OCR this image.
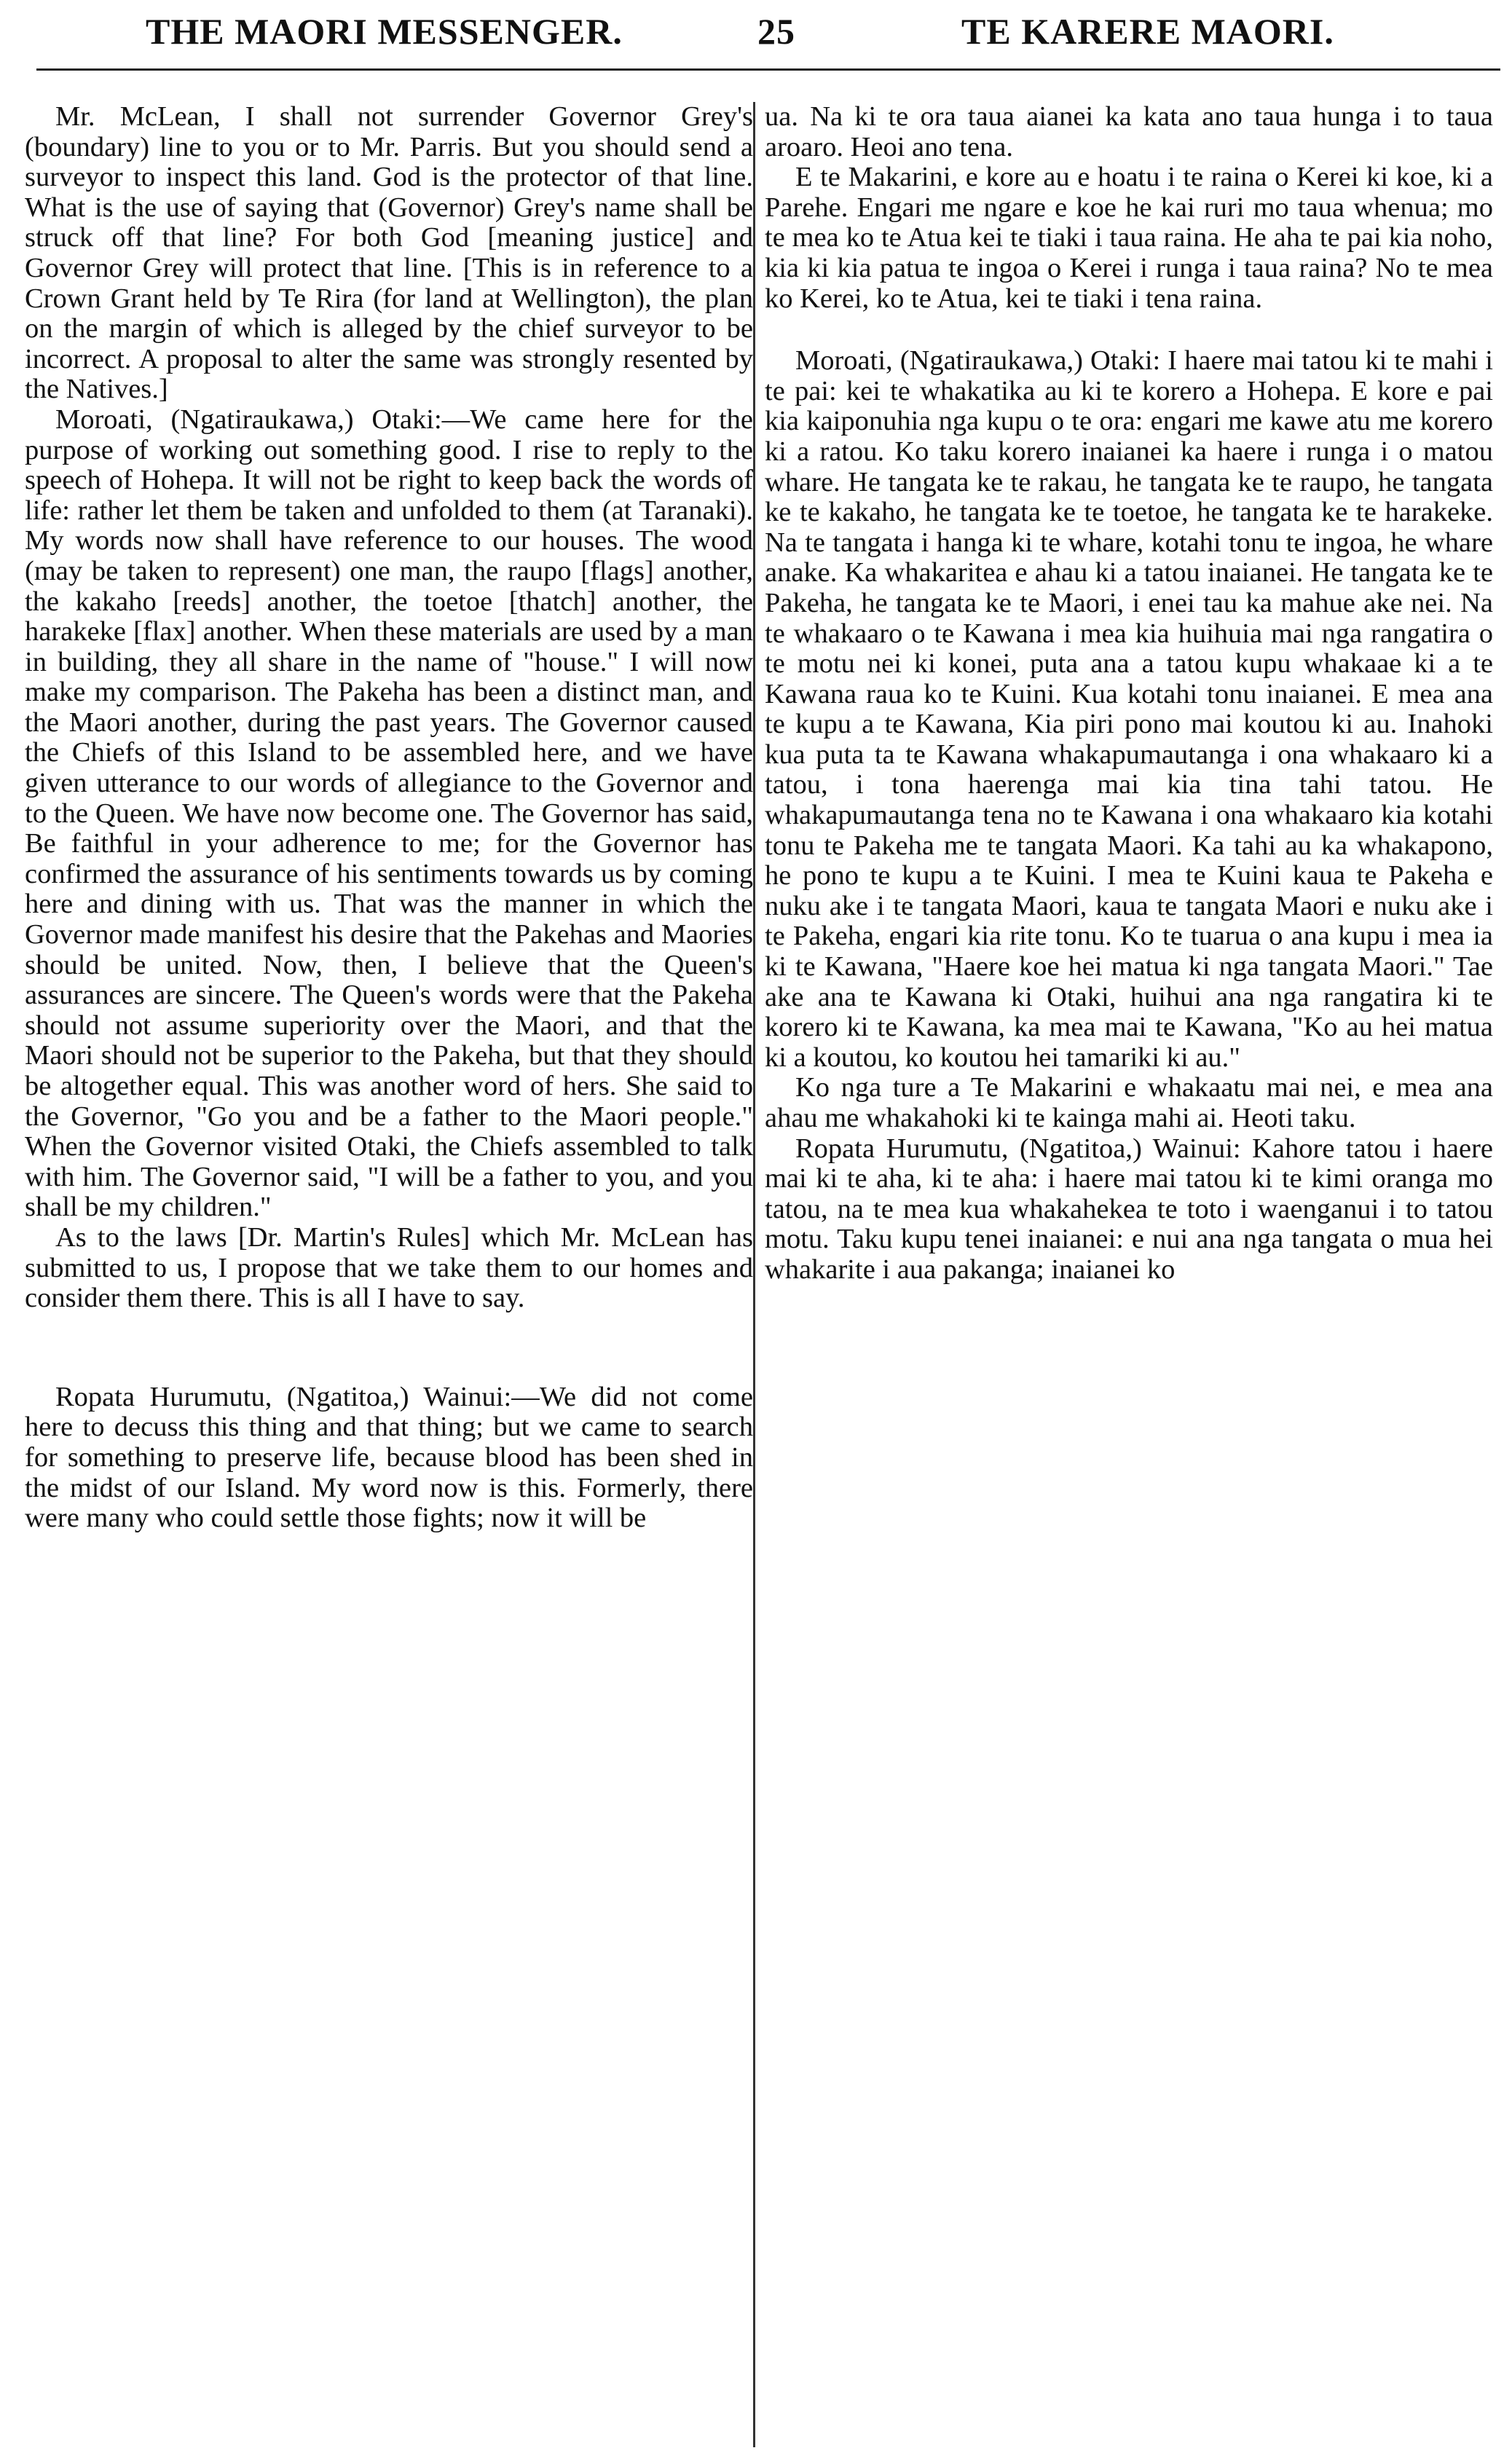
THE MAORI MESSENGER.	25	TE KARERE MAORI.

Mr. McLean, I shall not surrender Governor Grey's (boundary) line to you or to Mr. Parris. But you should send a surveyor to inspect this land. God is the protector of that line. What is the use of saying that (Governor) Grey's name shall be struck off that line? For both God [meaning justice] and Governor Grey will protect that line. [This is in reference to a Crown Grant held by Te Rira (for land at Wellington), the plan on the margin of which is alleged by the chief surveyor to be incorrect. A proposal to alter the same was strongly resented by the Natives.]

Moroati, (Ngatiraukawa,) Otaki:—We came here for the purpose of working out something good. I rise to reply to the speech of Hohepa. It will not be right to keep back the words of life: rather let them be taken and unfolded to them (at Taranaki). My words now shall have reference to our houses. The wood (may be taken to represent) one man, the raupo [flags] another, the kakaho [reeds] another, the toetoe [thatch] another, the harakeke [flax] another. When these materials are used by a man in building, they all share in the name of "house." I will now make my comparison. The Pakeha has been a distinct man, and the Maori another, during the past years. The Governor caused the Chiefs of this Island to be assembled here, and we have given utterance to our words of allegiance to the Governor and to the Queen. We have now become one. The Governor has said, Be faithful in your adherence to me; for the Governor has confirmed the assurance of his sentiments towards us by coming here and dining with us. That was the manner in which the Governor made manifest his desire that the Pakehas and Maories should be united. Now, then, I believe that the Queen's assurances are sincere. The Queen's words were that the Pakeha should not assume superiority over the Maori, and that the Maori should not be superior to the Pakeha, but that they should be altogether equal. This was another word of hers. She said to the Governor, "Go you and be a father to the Maori people." When the Governor visited Otaki, the Chiefs assembled to talk with him. The Governor said, "I will be a father to you, and you shall be my children."

As to the laws [Dr. Martin's Rules] which Mr. McLean has submitted to us, I propose that we take them to our homes and consider them there. This is all I have to say.

Ropata Hurumutu, (Ngatitoa,) Wainui:—We did not come here to decuss this thing and that thing; but we came to search for something to preserve life, because blood has been shed in the midst of our Island. My word now is this. Formerly, there were many who could settle those fights; now it will be

ua. Na ki te ora taua aianei ka kata ano taua hunga i to taua aroaro. Heoi ano tena.

E te Makarini, e kore au e hoatu i te raina o Kerei ki koe, ki a Parehe. Engari me ngare e koe he kai ruri mo taua whenua; mo te mea ko te Atua kei te tiaki i taua raina. He aha te pai kia noho, kia ki kia patua te ingoa o Kerei i runga i taua raina? No te mea ko Kerei, ko te Atua, kei te tiaki i tena raina.

Moroati, (Ngatiraukawa,) Otaki: I haere mai tatou ki te mahi i te pai: kei te whakatika au ki te korero a Hohepa. E kore e pai kia kaiponuhia nga kupu o te ora: engari me kawe atu me korero ki a ratou. Ko taku korero inaianei ka haere i runga i o matou whare. He tangata ke te rakau, he tangata ke te raupo, he tangata ke te kakaho, he tangata ke te toetoe, he tangata ke te harakeke. Na te tangata i hanga ki te whare, kotahi tonu te ingoa, he whare anake. Ka whakaritea e ahau ki a tatou inaianei. He tangata ke te Pakeha, he tangata ke te Maori, i enei tau ka mahue ake nei. Na te whakaaro o te Kawana i mea kia huihuia mai nga rangatira o te motu nei ki konei, puta ana a tatou kupu whakaae ki a te Kawana raua ko te Kuini. Kua kotahi tonu inaianei. E mea ana te kupu a te Kawana, Kia piri pono mai koutou ki au. Inahoki kua puta ta te Kawana whakapumautanga i ona whakaaro ki a tatou, i tona haerenga mai kia tina tahi tatou. He whakapumautanga tena no te Kawana i ona whakaaro kia kotahi tonu te Pakeha me te tangata Maori. Ka tahi au ka whakapono, he pono te kupu a te Kuini. I mea te Kuini kaua te Pakeha e nuku ake i te tangata Maori, kaua te tangata Maori e nuku ake i te Pakeha, engari kia rite tonu. Ko te tuarua o ana kupu i mea ia ki te Kawana, "Haere koe hei matua ki nga tangata Maori." Tae ake ana te Kawana ki Otaki, huihui ana nga rangatira ki te korero ki te Kawana, ka mea mai te Kawana, "Ko au hei matua ki a koutou, ko koutou hei tamariki ki au."

Ko nga ture a Te Makarini e whakaatu mai nei, e mea ana ahau me whakahoki ki te kainga mahi ai. Heoti taku.

Ropata Hurumutu, (Ngatitoa,) Wainui: Kahore tatou i haere mai ki te aha, ki te aha: i haere mai tatou ki te kimi oranga mo tatou, na te mea kua whakahekea te toto i waenganui i to tatou motu. Taku kupu tenei inaianei: e nui ana nga tangata o mua hei whakarite i aua pakanga; inaianei ko
